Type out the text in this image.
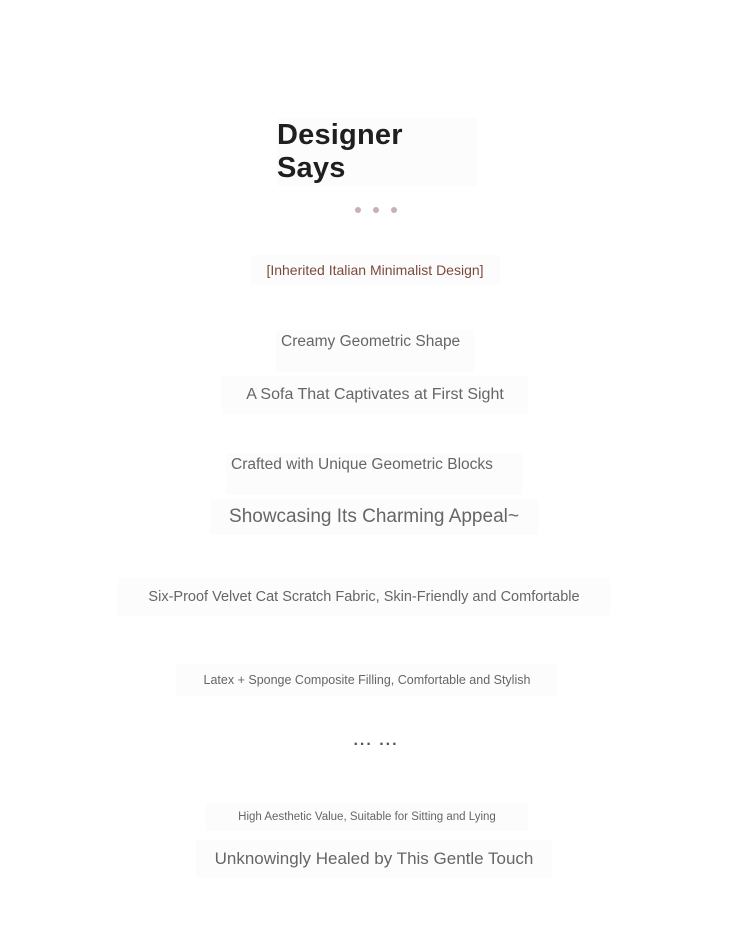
Designer Says
[Inherited Italian Minimalist Design]
Creamy Geometric Shape
A Sofa That Captivates at First Sight
Crafted with Unique Geometric Blocks
Showcasing Its Charming Appeal~
Six-Proof Velvet Cat Scratch Fabric, Skin-Friendly and Comfortable
Latex + Sponge Composite Filling, Comfortable and Stylish
... ...
High Aesthetic Value, Suitable for Sitting and Lying
Unknowingly Healed by This Gentle Touch
